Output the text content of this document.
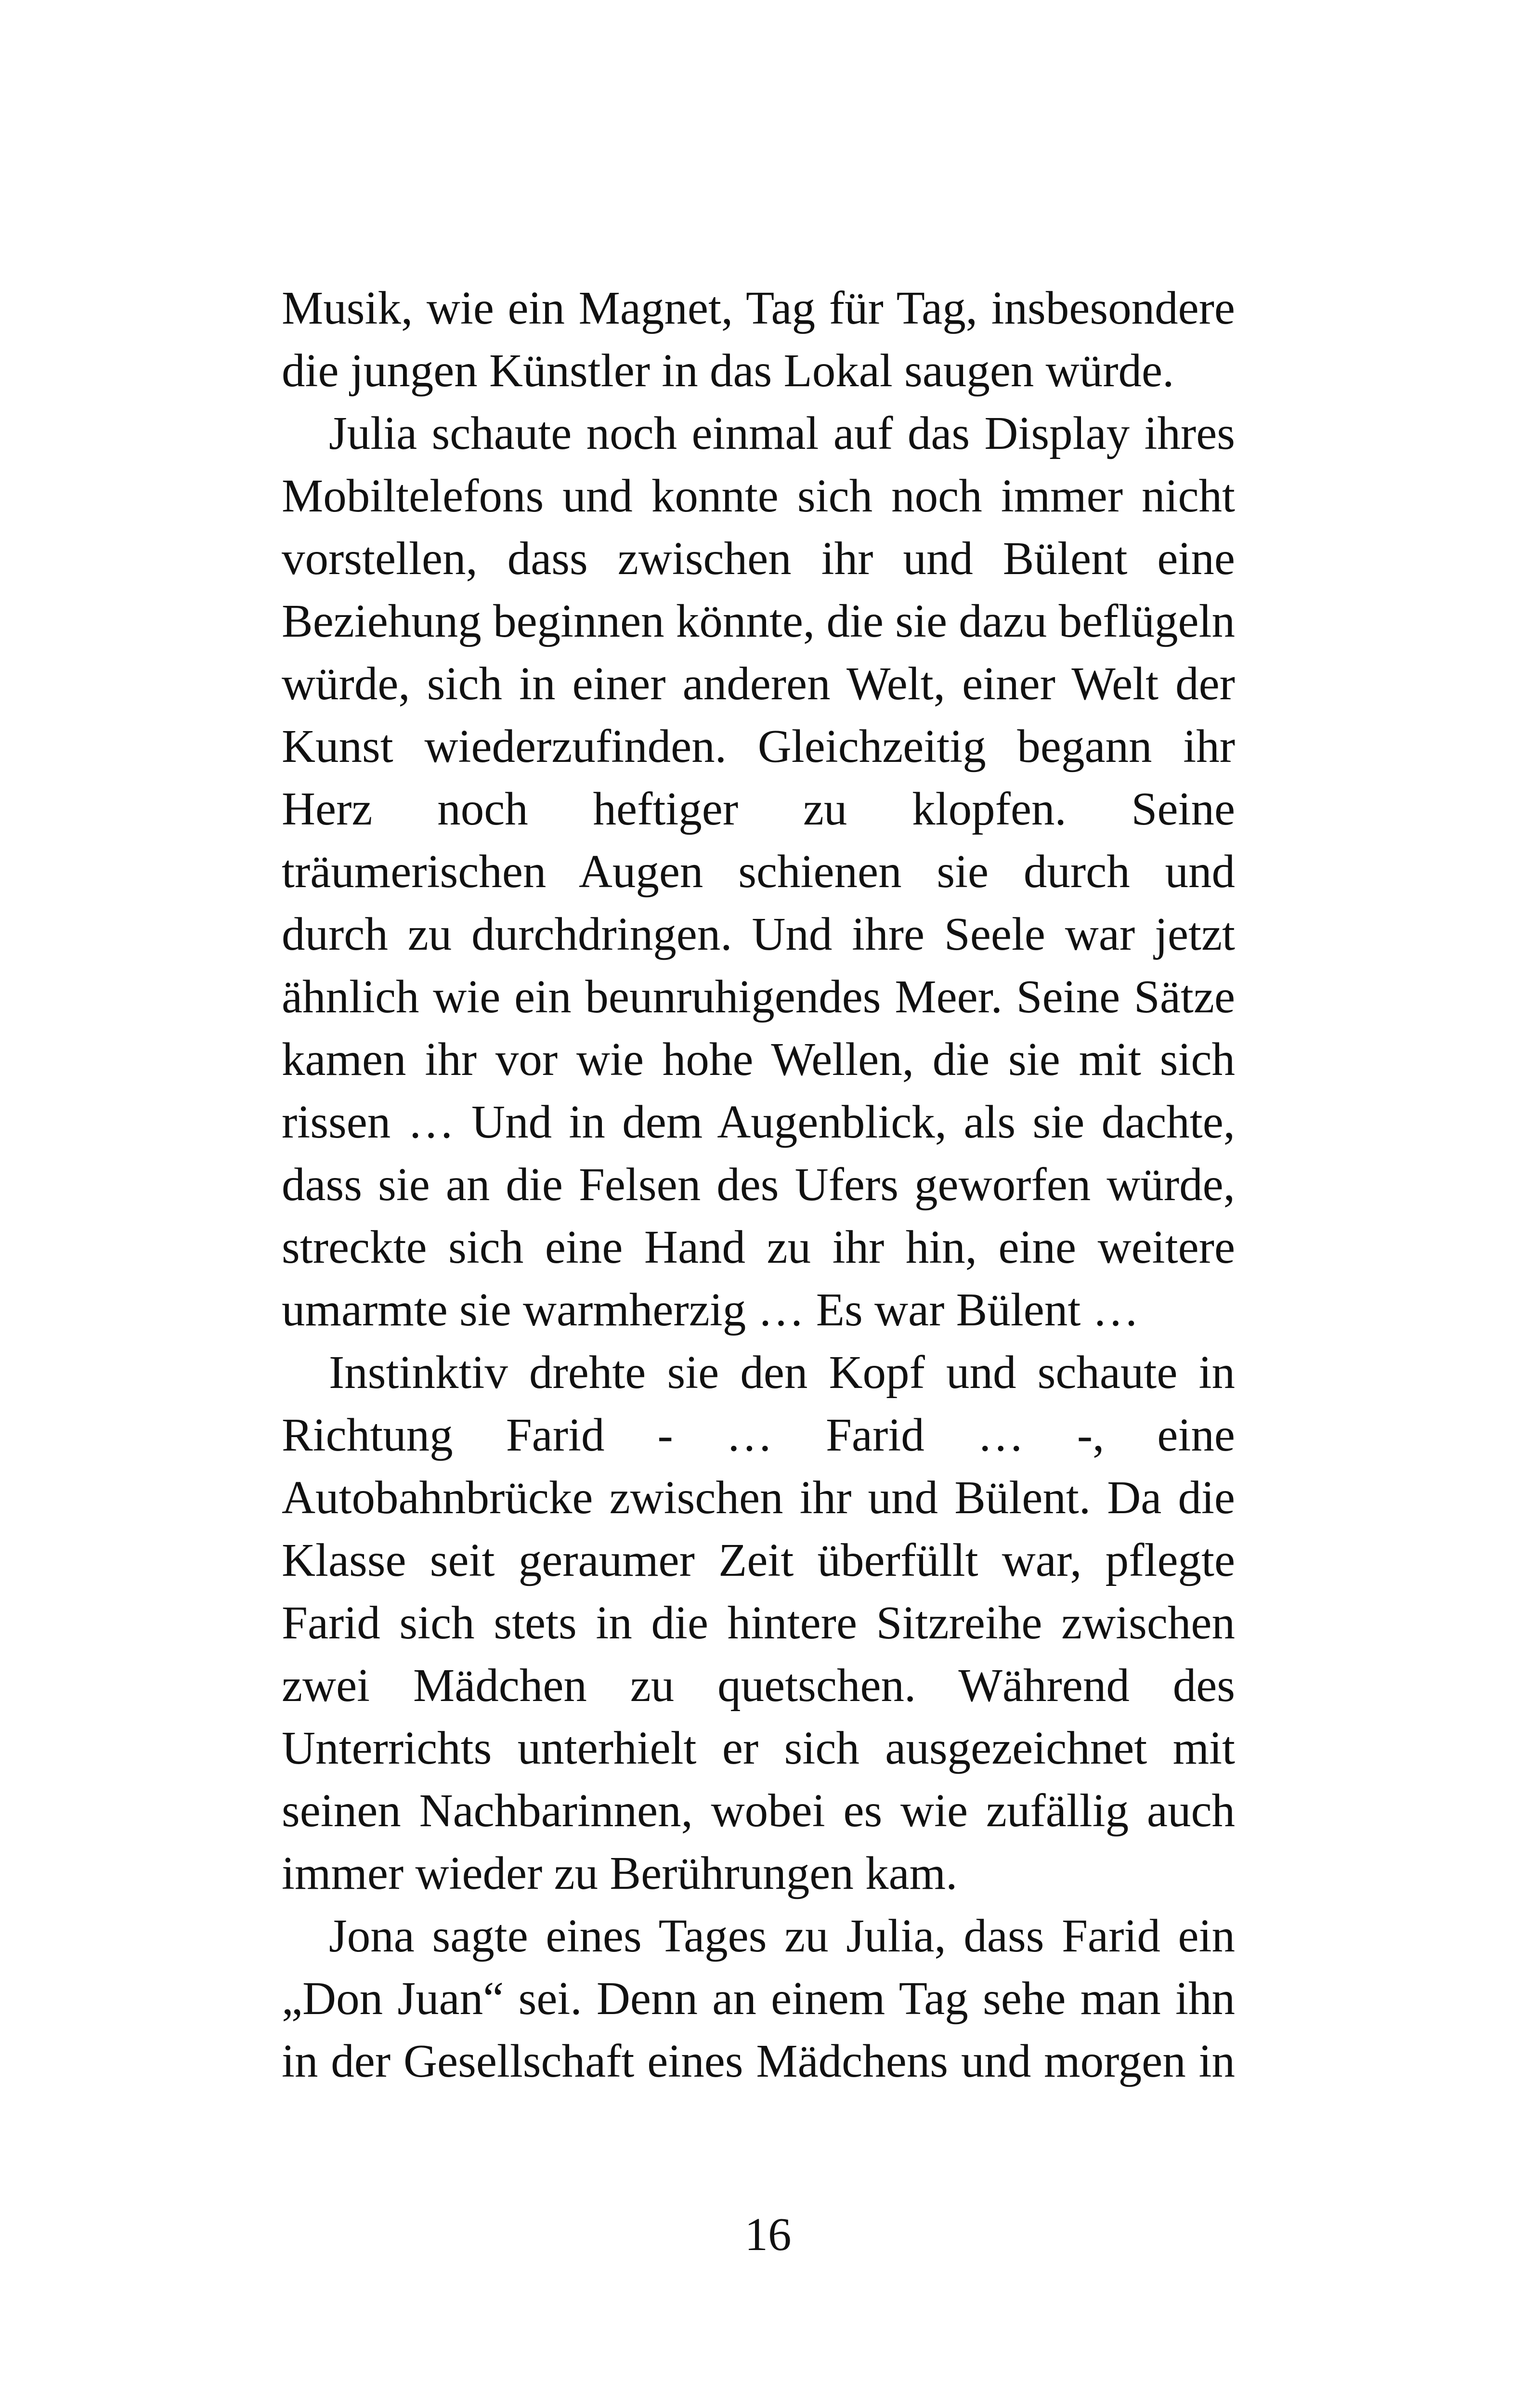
Musik, wie ein Magnet, Tag für Tag, insbesondere
die jungen Künstler in das Lokal saugen würde.
Julia schaute noch einmal auf das Display ihres
Mobiltelefons und konnte sich noch immer nicht
vorstellen, dass zwischen ihr und Bülent eine
Beziehung beginnen könnte, die sie dazu beflügeln
würde, sich in einer anderen Welt, einer Welt der
Kunst wiederzufinden. Gleichzeitig begann ihr
Herz noch heftiger zu klopfen. Seine
träumerischen Augen schienen sie durch und
durch zu durchdringen. Und ihre Seele war jetzt
ähnlich wie ein beunruhigendes Meer. Seine Sätze
kamen ihr vor wie hohe Wellen, die sie mit sich
rissen … Und in dem Augenblick, als sie dachte,
dass sie an die Felsen des Ufers geworfen würde,
streckte sich eine Hand zu ihr hin, eine weitere
umarmte sie warmherzig … Es war Bülent …
Instinktiv drehte sie den Kopf und schaute in
Richtung Farid - … Farid … -, eine
Autobahnbrücke zwischen ihr und Bülent. Da die
Klasse seit geraumer Zeit überfüllt war, pflegte
Farid sich stets in die hintere Sitzreihe zwischen
zwei Mädchen zu quetschen. Während des
Unterrichts unterhielt er sich ausgezeichnet mit
seinen Nachbarinnen, wobei es wie zufällig auch
immer wieder zu Berührungen kam.
Jona sagte eines Tages zu Julia, dass Farid ein
„Don Juan“ sei. Denn an einem Tag sehe man ihn
in der Gesellschaft eines Mädchens und morgen in
16
